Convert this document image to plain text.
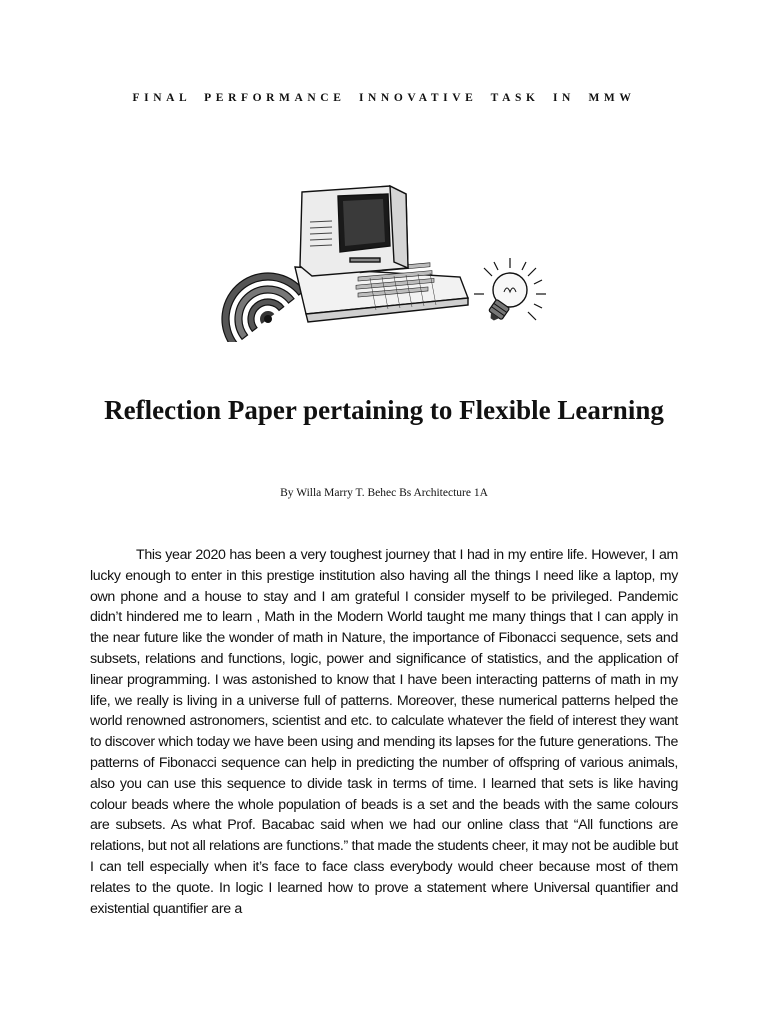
FINAL PERFORMANCE INNOVATIVE TASK IN MMW
Reflection Paper pertaining to Flexible Learning
By Willa Marry T. Behec Bs Architecture 1A

This year 2020 has been a very toughest journey that I had in my entire life. However, I am lucky enough to enter in this prestige institution also having all the things I need like a laptop, my own phone and a house to stay and I am grateful I consider myself to be privileged. Pandemic didn’t hindered me to learn , Math in the Modern World taught me many things that I can apply in the near future like the wonder of math in Nature, the importance of Fibonacci sequence, sets and subsets, relations and functions, logic, power and significance of statistics, and the application of linear programming. I was astonished to know that I have been interacting patterns of math in my life, we really is living in a universe full of patterns. Moreover, these numerical patterns helped the world renowned astronomers, scientist and etc. to calculate whatever the field of interest they want to discover which today we have been using and mending its lapses for the future generations. The patterns of Fibonacci sequence can help in predicting the number of offspring of various animals, also you can use this sequence to divide task in terms of time. I learned that sets is like having colour beads where the whole population of beads is a set and the beads with the same colours are subsets. As what Prof. Bacabac said when we had our online class that “All functions are relations, but not all relations are functions.” that made the students cheer, it may not be audible but I can tell especially when it’s face to face class everybody would cheer because most of them relates to the quote. In logic I learned how to prove a statement where Universal quantifier and existential quantifier are a
